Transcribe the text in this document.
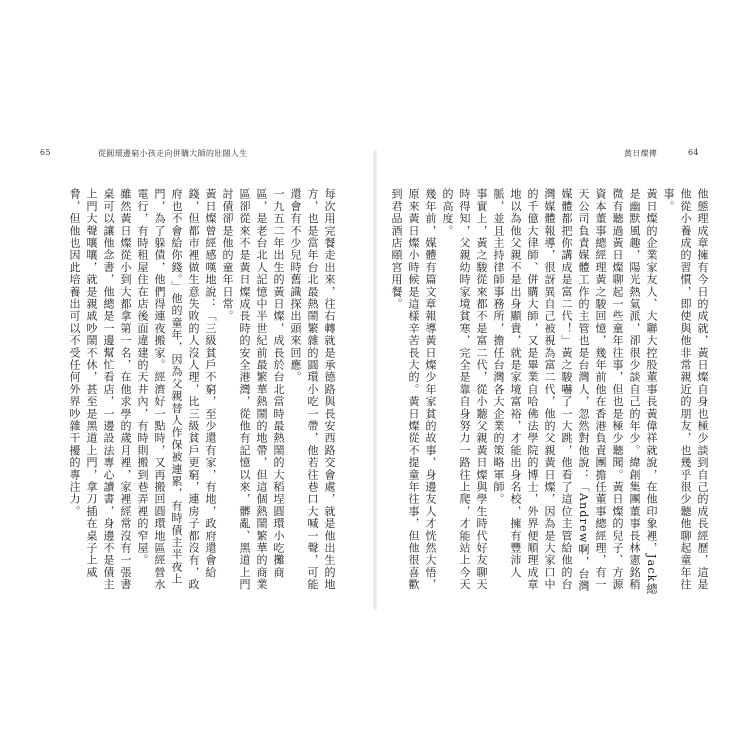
65	從圓環邊窮小孩走向併購大師的壯闊人生
每次用完餐走出來，往右轉就是承德路與長安西路交會處，就是他出生的地方，也是當年台北最熱鬧繁雜的圓環小吃一帶，他若往巷口大喊一聲，可能還會有不少兒時舊識探出頭來回應。
一九五二年出生的黃日燦，成長於台北當時最熱鬧的大稻埕圓環小吃攤商區，是老台北人記憶中半世紀前最繁華熱鬧的地帶，但這個熱鬧繁華的商業區卻從來不是黃日燦成長時的安全港灣，從他有記憶以來，髒亂、黑道上門討債卻是他的童年日常。
黃日燦曾經感嘆地說：「三級貧戶不窮，至少還有家，有地，政府還會給錢，但都市裡做生意失敗的人沒人理，比三級貧戶更窮，連房子都沒有，政府也不會給你錢。」他的童年，因為父親替人作保被連累，有時債主半夜上門，為了躲債，他們得連夜搬家。經濟好一點時，又再搬回圓環地區經營水電行，有時租屋住在店後面違建的天井內，有時則搬到巷弄裡的窄屋。
雖然黃日燦從小到大都拿第一名，在他求學的歲月裡，家裡經常沒有一張書桌可以讓他念書，他總是一邊幫忙看店，一邊設法專心讀書，身邊不是債主上門大聲嚷嚷，就是親戚吵鬧不休，甚至是黑道上門，拿刀插在桌子上威脅，但他也因此培養出可以不受任何外界吵雜干擾的專注力。
黃日燦傳	64
他態理成章擁有今日的成就，黃日燦自身也極少談到自己的成長經歷，這是他從小養成的習慣，即使與他非常親近的朋友，也幾乎很少聽他聊起童年往事。
黃日燦的企業家友人、大聯大控股董事長黃偉祥就說，在他印象裡，Jack總是幽默風趣，陽光熱氣派，卻很少談自己的年少。緯創集團董事長林憲銘稍微有聽過黃日燦聊起一些童年往事，但也是極少聽聞。黃日燦的兒子、方源資本董事總經理黃之駿回憶，幾年前他在香港負責團擔任董事總經理，有一天公司負責媒體工作的主管也是台灣人，忽然對他說：「Andrew啊，台灣媒體都把你講成是富二代！」黃之駿嚇了一大跳，他看了這位主管給他的台灣媒體報導，很訝異自己被視為富二代，他的父親黃日燦，因為是大家口中的千億大律師、併購大師，又是畢業自哈佛法學院的博士，外界便順理成章地以為他父親不是出身顯貴，就是家境富裕，才能出身名校，擁有豐沛人脈，並且主持律師事務所，擔任台灣各大企業的策略軍師。
事實上，黃之駿從來都不是富二代，從小聽父親黃日燦與學生時代好友聊天時得知，父親幼時家境貧寒，完全是靠自身努力一路往上爬，才能站上今天的高度。
幾年前，媒體有篇文章報導黃日燦少年家貧的故事，身邊友人才恍然大悟，原來黃日燦小時候是這樣辛苦長大的。黃日燦從不提童年往事，但他很喜歡到君品酒店頤宮用餐。
